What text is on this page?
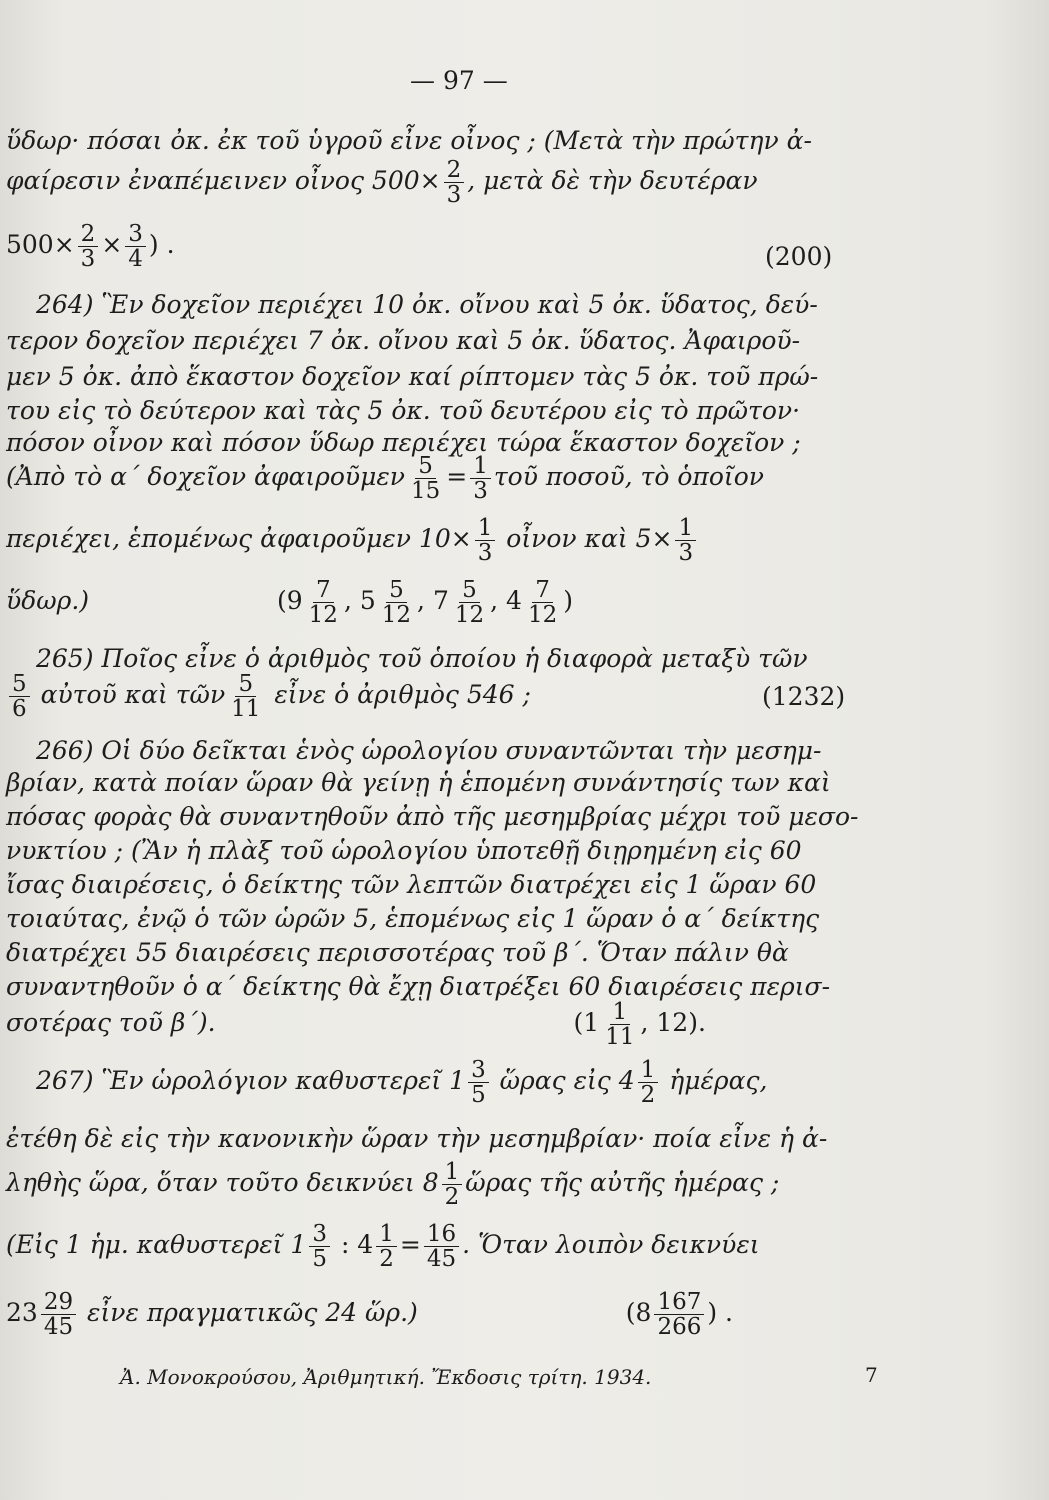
— 97 —
ὕδωρ· πόσαι ὀκ. ἐκ τοῦ ὑγροῦ εἶνε οἶνος ; (Μετὰ τὴν πρώτην ἀ-
φαίρεσιν ἐναπέμεινεν οἶνος $500\times \frac{2}{3}$ , μετὰ δὲ τὴν δευτέραν
$500\times \frac{2}{3} \times \frac{3}{4}$ ) .	(200)
264) Ἓν δοχεῖον περιέχει 10 ὀκ. οἴνου καὶ 5 ὀκ. ὕδατος, δεύ-
τερον δοχεῖον περιέχει 7 ὀκ. οἴνου καὶ 5 ὀκ. ὕδατος. Ἀφαιροῦ-
μεν 5 ὀκ. ἀπὸ ἕκαστον δοχεῖον καί ρίπτομεν τὰς 5 ὀκ. τοῦ πρώ-
του εἰς τὸ δεύτερον καὶ τὰς 5 ὀκ. τοῦ δευτέρου εἰς τὸ πρῶτον·
πόσον οἶνον καὶ πόσον ὕδωρ περιέχει τώρα ἕκαστον δοχεῖον ;
(Ἀπὸ τὸ α΄ δοχεῖον ἀφαιροῦμεν $\frac{5}{15} = \frac{1}{3}$ τοῦ ποσοῦ, τὸ ὁποῖον
περιέχει, ἑπομένως ἀφαιροῦμεν $10\times \frac{1}{3}$ οἶνον καὶ $5\times \frac{1}{3}$
ὕδωρ.)	($9 \frac{7}{12}$ , $5 \frac{5}{12}$ , $7 \frac{5}{12}$ , $4 \frac{7}{12}$ )
265) Ποῖος εἶνε ὁ ἀριθμὸς τοῦ ὁποίου ἡ διαφορὰ μεταξὺ τῶν
$\frac{5}{6}$ αὐτοῦ καὶ τῶν $\frac{5}{11}$ εἶνε ὁ ἀριθμὸς 546 ;	(1232)
266) Οἱ δύο δεῖκται ἑνὸς ὡρολογίου συναντῶνται τὴν μεσημ-
βρίαν, κατὰ ποίαν ὥραν θὰ γείνῃ ἡ ἑπομένη συνάντησίς των καὶ
πόσας φορὰς θὰ συναντηθοῦν ἀπὸ τῆς μεσημβρίας μέχρι τοῦ μεσο-
νυκτίου ; (Ἂν ἡ πλὰξ τοῦ ὡρολογίου ὑποτεθῇ διῃρημένη εἰς 60
ἴσας διαιρέσεις, ὁ δείκτης τῶν λεπτῶν διατρέχει εἰς 1 ὥραν 60
τοιαύτας, ἐνῷ ὁ τῶν ὡρῶν 5, ἑπομένως εἰς 1 ὥραν ὁ α΄ δείκτης
διατρέχει 55 διαιρέσεις περισσοτέρας τοῦ β΄. Ὅταν πάλιν θὰ
συναντηθοῦν ὁ α΄ δείκτης θὰ ἔχῃ διατρέξει 60 διαιρέσεις περισ-
σοτέρας τοῦ β΄).	($1 \frac{1}{11}$ , 12).
267) Ἓν ὡρολόγιον καθυστερεῖ $1 \frac{3}{5}$ ὥρας εἰς $4 \frac{1}{2}$ ἡμέρας,
ἐτέθη δὲ εἰς τὴν κανονικὴν ὥραν τὴν μεσημβρίαν· ποία εἶνε ἡ ἀ-
ληθὴς ὥρα, ὅταν τοῦτο δεικνύει $8 \frac{1}{2}$ ὥρας τῆς αὐτῆς ἡμέρας ;
(Εἰς 1 ἡμ. καθυστερεῖ $1 \frac{3}{5}$ : $4 \frac{1}{2} = \frac{16}{45}$ . Ὅταν λοιπὸν δεικνύει
$23 \frac{29}{45}$ εἶνε πραγματικῶς 24 ὥρ.)	($8 \frac{167}{266}$ ) .
Ἀ. Μονοκρούσου, Ἀριθμητική. Ἔκδοσις τρίτη. 1934.	7
